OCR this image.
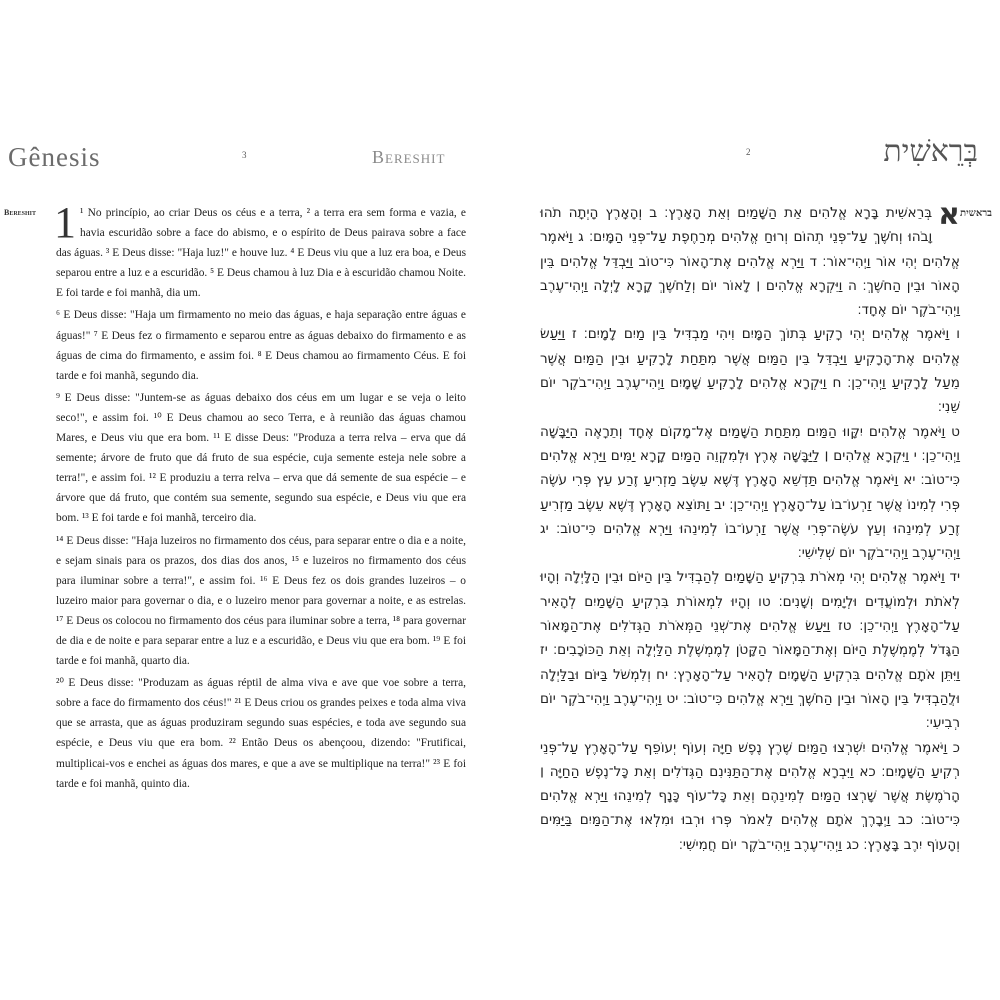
Gênesis	3	Bereshit
Bereshit 1 ¹ No princípio, ao criar Deus os céus e a terra, ² a terra era sem forma e vazia, e havia escuridão sobre a face do abismo, e o espírito de Deus pairava sobre a face das águas. ³ E Deus disse: "Haja luz!" e houve luz. ⁴ E Deus viu que a luz era boa, e Deus separou entre a luz e a escuridão. ⁵ E Deus chamou à luz Dia e à escuridão chamou Noite. E foi tarde e foi manhã, dia um.

⁶ E Deus disse: "Haja um firmamento no meio das águas, e haja separação entre águas e águas!" ⁷ E Deus fez o firmamento e separou entre as águas debaixo do firmamento e as águas de cima do firmamento, e assim foi. ⁸ E Deus chamou ao firmamento Céus. E foi tarde e foi manhã, segundo dia.

⁹ E Deus disse: "Juntem-se as águas debaixo dos céus em um lugar e se veja o leito seco!", e assim foi. ¹⁰ E Deus chamou ao seco Terra, e à reunião das águas chamou Mares, e Deus viu que era bom. ¹¹ E disse Deus: "Produza a terra relva – erva que dá semente; árvore de fruto que dá fruto de sua espécie, cuja semente esteja nele sobre a terra!", e assim foi. ¹² E produziu a terra relva – erva que dá semente de sua espécie – e árvore que dá fruto, que contém sua semente, segundo sua espécie, e Deus viu que era bom. ¹³ E foi tarde e foi manhã, terceiro dia.

¹⁴ E Deus disse: "Haja luzeiros no firmamento dos céus, para separar entre o dia e a noite, e sejam sinais para os prazos, dos dias dos anos, ¹⁵ e luzeiros no firmamento dos céus para iluminar sobre a terra!", e assim foi. ¹⁶ E Deus fez os dois grandes luzeiros – o luzeiro maior para governar o dia, e o luzeiro menor para governar a noite, e as estrelas. ¹⁷ E Deus os colocou no firmamento dos céus para iluminar sobre a terra, ¹⁸ para governar de dia e de noite e para separar entre a luz e a escuridão, e Deus viu que era bom. ¹⁹ E foi tarde e foi manhã, quarto dia.

²⁰ E Deus disse: "Produzam as águas réptil de alma viva e ave que voe sobre a terra, sobre a face do firmamento dos céus!" ²¹ E Deus criou os grandes peixes e toda alma viva que se arrasta, que as águas produziram segundo suas espécies, e toda ave segundo sua espécie, e Deus viu que era bom. ²² Então Deus os abençoou, dizendo: "Frutificai, multiplicai-vos e enchei as águas dos mares, e que a ave se multiplique na terra!" ²³ E foi tarde e foi manhã, quinto dia.

2	בְּרֵאשִׁית
בראשית
א

בְּרֵאשִׁית בָּרָא אֱלֹהִים אֵת הַשָּׁמַיִם וְאֵת הָאָרֶץ׃ ב וְהָאָרֶץ הָיְתָה תֹהוּ וָבֹהוּ וְחֹשֶׁךְ עַל־פְּנֵי תְהוֹם וְרוּחַ אֱלֹהִים מְרַחֶפֶת עַל־פְּנֵי הַמָּיִם׃ ג וַיֹּאמֶר אֱלֹהִים יְהִי אוֹר וַיְהִי־אוֹר׃ ד וַיַּרְא אֱלֹהִים אֶת־הָאוֹר כִּי־טוֹב וַיַּבְדֵּל אֱלֹהִים בֵּין הָאוֹר וּבֵין הַחֹשֶׁךְ׃ ה וַיִּקְרָא אֱלֹהִים ׀ לָאוֹר יוֹם וְלַחֹשֶׁךְ קָרָא לָיְלָה וַיְהִי־עֶרֶב וַיְהִי־בֹקֶר יוֹם אֶחָד׃

ו וַיֹּאמֶר אֱלֹהִים יְהִי רָקִיעַ בְּתוֹךְ הַמָּיִם וִיהִי מַבְדִּיל בֵּין מַיִם לָמָיִם׃ ז וַיַּעַשׂ אֱלֹהִים אֶת־הָרָקִיעַ וַיַּבְדֵּל בֵּין הַמַּיִם אֲשֶׁר מִתַּחַת לָרָקִיעַ וּבֵין הַמַּיִם אֲשֶׁר מֵעַל לָרָקִיעַ וַיְהִי־כֵן׃ ח וַיִּקְרָא אֱלֹהִים לָרָקִיעַ שָׁמָיִם וַיְהִי־עֶרֶב וַיְהִי־בֹקֶר יוֹם שֵׁנִי׃

ט וַיֹּאמֶר אֱלֹהִים יִקָּווּ הַמַּיִם מִתַּחַת הַשָּׁמַיִם אֶל־מָקוֹם אֶחָד וְתֵרָאֶה הַיַּבָּשָׁה וַיְהִי־כֵן׃ י וַיִּקְרָא אֱלֹהִים ׀ לַיַּבָּשָׁה אֶרֶץ וּלְמִקְוֵה הַמַּיִם קָרָא יַמִּים וַיַּרְא אֱלֹהִים כִּי־טוֹב׃ יא וַיֹּאמֶר אֱלֹהִים תַּדְשֵׁא הָאָרֶץ דֶּשֶׁא עֵשֶׂב מַזְרִיעַ זֶרַע עֵץ פְּרִי עֹשֶׂה פְּרִי לְמִינוֹ אֲשֶׁר זַרְעוֹ־בוֹ עַל־הָאָרֶץ וַיְהִי־כֵן׃ יב וַתּוֹצֵא הָאָרֶץ דֶּשֶׁא עֵשֶׂב מַזְרִיעַ זֶרַע לְמִינֵהוּ וְעֵץ עֹשֶׂה־פְּרִי אֲשֶׁר זַרְעוֹ־בוֹ לְמִינֵהוּ וַיַּרְא אֱלֹהִים כִּי־טוֹב׃ יג וַיְהִי־עֶרֶב וַיְהִי־בֹקֶר יוֹם שְׁלִישִׁי׃

יד וַיֹּאמֶר אֱלֹהִים יְהִי מְאֹרֹת בִּרְקִיעַ הַשָּׁמַיִם לְהַבְדִּיל בֵּין הַיּוֹם וּבֵין הַלָּיְלָה וְהָיוּ לְאֹתֹת וּלְמוֹעֲדִים וּלְיָמִים וְשָׁנִים׃ טו וְהָיוּ לִמְאוֹרֹת בִּרְקִיעַ הַשָּׁמַיִם לְהָאִיר עַל־הָאָרֶץ וַיְהִי־כֵן׃ טז וַיַּעַשׂ אֱלֹהִים אֶת־שְׁנֵי הַמְּאֹרֹת הַגְּדֹלִים אֶת־הַמָּאוֹר הַגָּדֹל לְמֶמְשֶׁלֶת הַיּוֹם וְאֶת־הַמָּאוֹר הַקָּטֹן לְמֶמְשֶׁלֶת הַלַּיְלָה וְאֵת הַכּוֹכָבִים׃ יז וַיִּתֵּן אֹתָם אֱלֹהִים בִּרְקִיעַ הַשָּׁמָיִם לְהָאִיר עַל־הָאָרֶץ׃ יח וְלִמְשֹׁל בַּיּוֹם וּבַלַּיְלָה וּלֲהַבְדִּיל בֵּין הָאוֹר וּבֵין הַחֹשֶׁךְ וַיַּרְא אֱלֹהִים כִּי־טוֹב׃ יט וַיְהִי־עֶרֶב וַיְהִי־בֹקֶר יוֹם רְבִיעִי׃

כ וַיֹּאמֶר אֱלֹהִים יִשְׁרְצוּ הַמַּיִם שֶׁרֶץ נֶפֶשׁ חַיָּה וְעוֹף יְעוֹפֵף עַל־הָאָרֶץ עַל־פְּנֵי רְקִיעַ הַשָּׁמָיִם׃ כא וַיִּבְרָא אֱלֹהִים אֶת־הַתַּנִּינִם הַגְּדֹלִים וְאֵת כָּל־נֶפֶשׁ הַחַיָּה ׀ הָרֹמֶשֶׂת אֲשֶׁר שָׁרְצוּ הַמַּיִם לְמִינֵהֶם וְאֵת כָּל־עוֹף כָּנָף לְמִינֵהוּ וַיַּרְא אֱלֹהִים כִּי־טוֹב׃ כב וַיְבָרֶךְ אֹתָם אֱלֹהִים לֵאמֹר פְּרוּ וּרְבוּ וּמִלְאוּ אֶת־הַמַּיִם בַּיַּמִּים וְהָעוֹף יִרֶב בָּאָרֶץ׃ כג וַיְהִי־עֶרֶב וַיְהִי־בֹקֶר יוֹם חֲמִישִׁי׃
